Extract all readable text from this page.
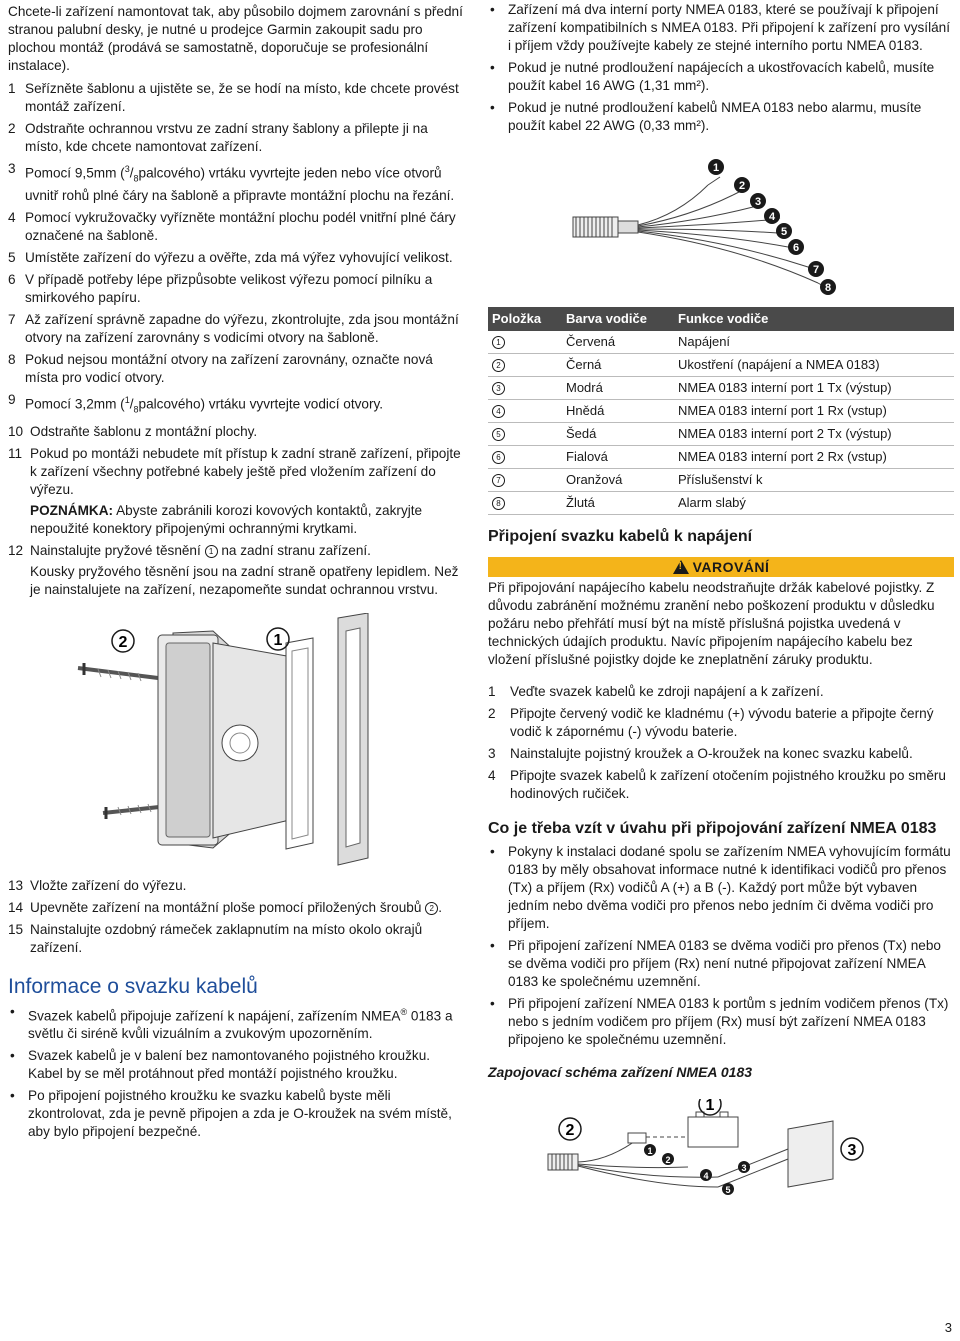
Chcete-li zařízení namontovat tak, aby působilo dojmem zarovnání s přední stranou palubní desky, je nutné u prodejce Garmin zakoupit sadu pro plochou montáž (prodává se samostatně, doporučuje se profesionální instalace).

1 Seřízněte šablonu a ujistěte se, že se hodí na místo, kde chcete provést montáž zařízení.
2 Odstraňte ochrannou vrstvu ze zadní strany šablony a přilepte ji na místo, kde chcete namontovat zařízení.
3 Pomocí 9,5mm $(^3/_8palcového)$ vrtáku vyvrtejte jeden nebo více otvorů uvnitř rohů plné čáry na šabloně a připravte montážní plochu na řezání.
4 Pomocí vykružovačky vyřízněte montážní plochu podél vnitřní plné čáry označené na šabloně.
5 Umístěte zařízení do výřezu a ověřte, zda má výřez vyhovující velikost.
6 V případě potřeby lépe přizpůsobte velikost výřezu pomocí pilníku a smirkového papíru.
7 Až zařízení správně zapadne do výřezu, zkontrolujte, zda jsou montážní otvory na zařízení zarovnány s vodicími otvory na šabloně.
8 Pokud nejsou montážní otvory na zařízení zarovnány, označte nová místa pro vodicí otvory.
9 Pomocí 3,2mm $(^1/_8palcového)$ vrtáku vyvrtejte vodicí otvory.
10 Odstraňte šablonu z montážní plochy.
11 Pokud po montáži nebudete mít přístup k zadní straně zařízení, připojte k zařízení všechny potřebné kabely ještě před vložením zařízení do výřezu.

POZNÁMKA: Abyste zabránili korozi kovových kontaktů, zakryjte nepoužité konektory připojenými ochrannými krytkami.

12 Nainstalujte pryžové těsnění 1 na zadní stranu zařízení.

Kousky pryžového těsnění jsou na zadní straně opatřeny lepidlem. Než je nainstalujete na zařízení, nezapomeňte sundat ochrannou vrstvu.

2	1
13 Vložte zařízení do výřezu.
14 Upevněte zařízení na montážní ploše pomocí přiložených šroubů 2 .
15 Nainstalujte ozdobný rámeček zaklapnutím na místo okolo okrajů zařízení.
Informace o svazku kabelů
• Svazek kabelů připojuje zařízení k napájení, zařízením NMEA® 0183 a světlu či siréně kvůli vizuálním a zvukovým upozorněním.
• Svazek kabelů je v balení bez namontovaného pojistného kroužku. Kabel by se měl protáhnout před montáží pojistného kroužku.
• Po připojení pojistného kroužku ke svazku kabelů byste měli zkontrolovat, zda je pevně připojen a zda je O-kroužek na svém místě, aby bylo připojení bezpečné.
• Zařízení má dva interní porty NMEA 0183, které se používají k připojení zařízení kompatibilních s NMEA 0183. Při připojení k zařízení pro vysílání i příjem vždy používejte kabely ze stejné interního portu NMEA 0183.
• Pokud je nutné prodloužení napájecích a ukostřovacích kabelů, musíte použít kabel 16 AWG (1,31 mm²).
• Pokud je nutné prodloužení kabelů NMEA 0183 nebo alarmu, musíte použít kabel 22 AWG (0,33 mm²).
1
2
3
4
5
6
7
8
Položka	Barva vodiče	Funkce vodiče
1	Červená	Napájení
2	Černá	Ukostření (napájení a NMEA 0183)
3	Modrá	NMEA 0183 interní port 1 Tx (výstup)
4	Hnědá	NMEA 0183 interní port 1 Rx (vstup)
5	Šedá	NMEA 0183 interní port 2 Tx (výstup)
6	Fialová	NMEA 0183 interní port 2 Rx (vstup)
7	Oranžová	Příslušenství k
8	Žlutá	Alarm slabý
Připojení svazku kabelů k napájení
!VAROVÁNÍ

Při připojování napájecího kabelu neodstraňujte držák kabelové pojistky. Z důvodu zabránění možnému zranění nebo poškození produktu v důsledku požáru nebo přehřátí musí být na místě příslušná pojistka uvedená v technických údajích produktu. Navíc připojením napájecího kabelu bez vložení příslušné pojistky dojde ke zneplatnění záruky produktu.

1 Veďte svazek kabelů ke zdroji napájení a k zařízení.
2 Připojte červený vodič ke kladnému (+) vývodu baterie a připojte černý vodič k zápornému (-) vývodu baterie.
3 Nainstalujte pojistný kroužek a O-kroužek na konec svazku kabelů.
4 Připojte svazek kabelů k zařízení otočením pojistného kroužku po směru hodinových ručiček.
Co je třeba vzít v úvahu při připojování zařízení NMEA 0183
• Pokyny k instalaci dodané spolu se zařízením NMEA vyhovujícím formátu 0183 by měly obsahovat informace nutné k identifikaci vodičů pro přenos (Tx) a příjem (Rx) vodičů A (+) a B (-). Každý port může být vybaven jedním nebo dvěma vodiči pro přenos nebo jedním či dvěma vodiči pro příjem.
• Při připojení zařízení NMEA 0183 se dvěma vodiči pro přenos (Tx) nebo se dvěma vodiči pro příjem (Rx) není nutné připojovat zařízení NMEA 0183 ke společnému uzemnění.
• Při připojení zařízení NMEA 0183 k portům s jedním vodičem přenos (Tx) nebo s jedním vodičem pro příjem (Rx) musí být zařízení NMEA 0183 připojeno ke společnému uzemnění.

Zapojovací schéma zařízení NMEA 0183

2
1
3
1
2
3
4
5
3
